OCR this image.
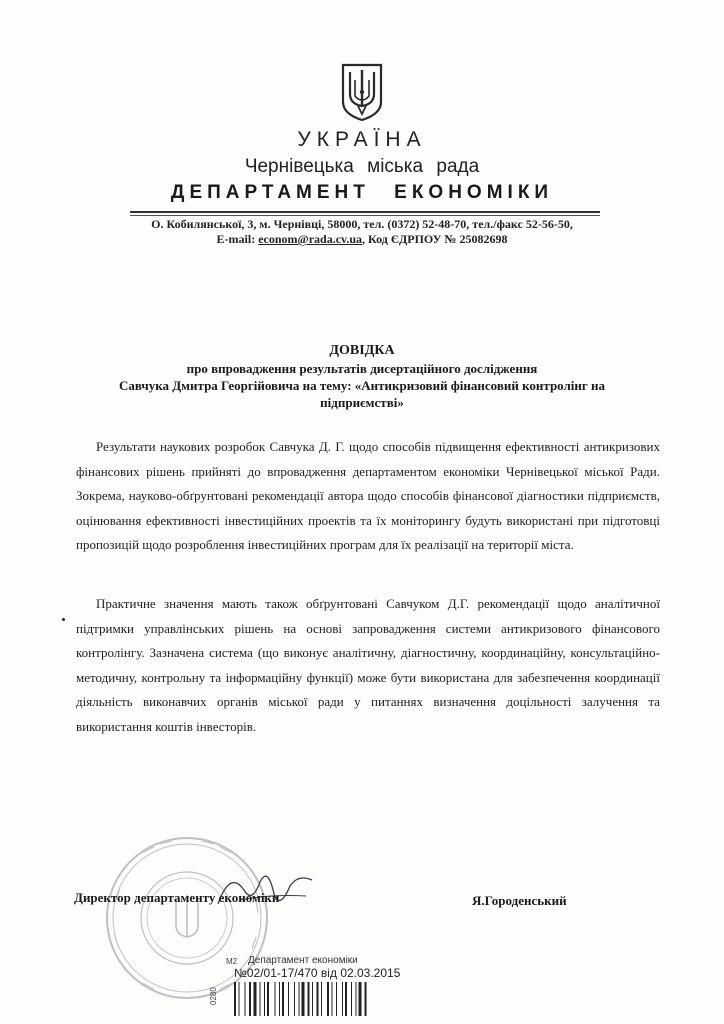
УКРАЇНА
Чернівецька міська рада
ДЕПАРТАМЕНТ ЕКОНОМІКИ
О. Кобилянської, 3, м. Чернівці, 58000, тел. (0372) 52-48-70, тел./факс 52-56-50,
E-mail: econom@rada.cv.ua, Код ЄДРПОУ № 25082698
ДОВІДКА
про впровадження результатів дисертаційного дослідження
Савчука Дмитра Георгійовича на тему: «Антикризовий фінансовий контролінг на
підприємстві»
Результати наукових розробок Савчука Д. Г. щодо способів підвищення ефективності антикризових фінансових рішень прийняті до впровадження департаментом економіки Чернівецької міської Ради. Зокрема, науково-обґрунтовані рекомендації автора щодо способів фінансової діагностики підприємств, оцінювання ефективності інвестиційних проектів та їх моніторингу будуть використані при підготовці пропозицій щодо розроблення інвестиційних програм для їх реалізації на території міста.
Практичне значення мають також обґрунтовані Савчуком Д.Г. рекомендації щодо аналітичної підтримки управлінських рішень на основі запровадження системи антикризового фінансового контролінгу. Зазначена система (що виконує аналітичну, діагностичну, координаційну, консультаційно-методичну, контрольну та інформаційну функції) може бути використана для забезпечення координації діяльність виконавчих органів міської ради у питаннях визначення доцільності залучення та використання коштів інвесторів.
Директор департаменту економіки	Я.Городенський
М2 Департамент економіки
№02/01-17/470 від 02.03.2015
0280
